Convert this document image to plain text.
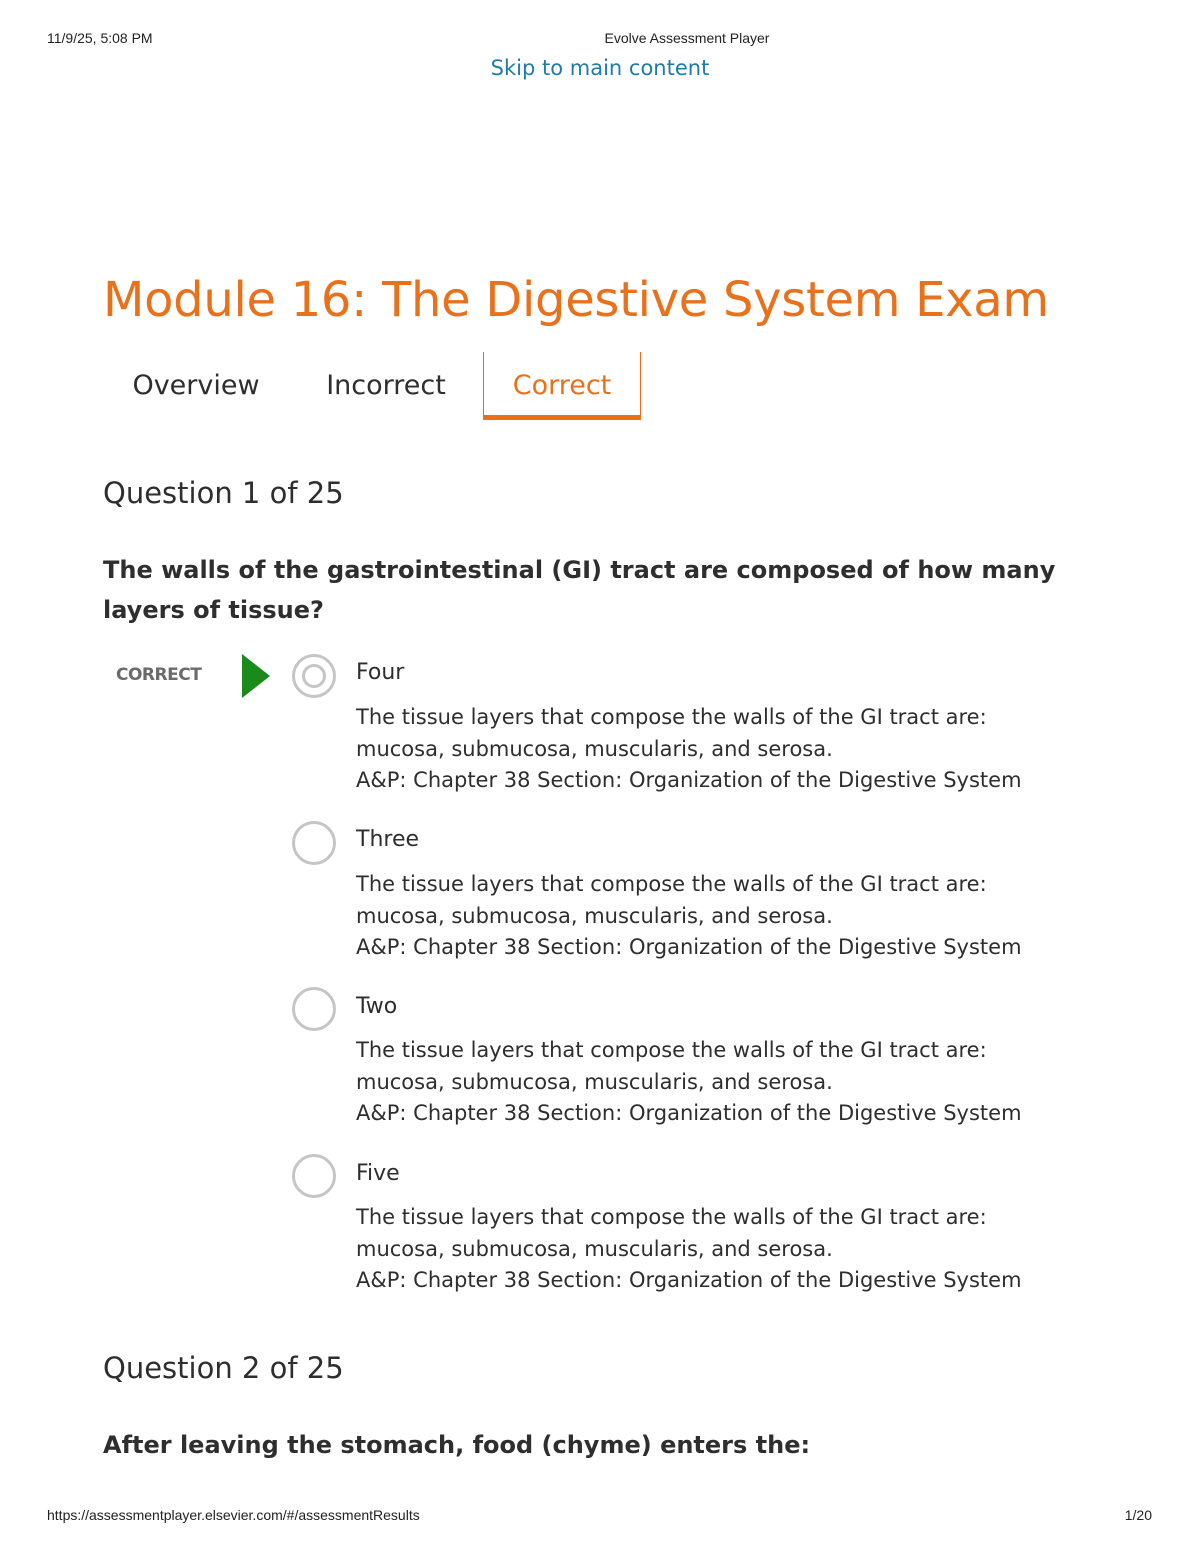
11/9/25, 5:08 PM	Evolve Assessment Player
Skip to main content
Module 16: The Digestive System Exam
Overview	Incorrect	Correct
Question 1 of 25
The walls of the gastrointestinal (GI) tract are composed of how many layers of tissue?
CORRECT	Four
The tissue layers that compose the walls of the GI tract are:
mucosa, submucosa, muscularis, and serosa.
A&P: Chapter 38 Section: Organization of the Digestive System
Three
The tissue layers that compose the walls of the GI tract are:
mucosa, submucosa, muscularis, and serosa.
A&P: Chapter 38 Section: Organization of the Digestive System
Two
The tissue layers that compose the walls of the GI tract are:
mucosa, submucosa, muscularis, and serosa.
A&P: Chapter 38 Section: Organization of the Digestive System
Five
The tissue layers that compose the walls of the GI tract are:
mucosa, submucosa, muscularis, and serosa.
A&P: Chapter 38 Section: Organization of the Digestive System
Question 2 of 25
After leaving the stomach, food (chyme) enters the:
https://assessmentplayer.elsevier.com/#/assessmentResults	1/20
